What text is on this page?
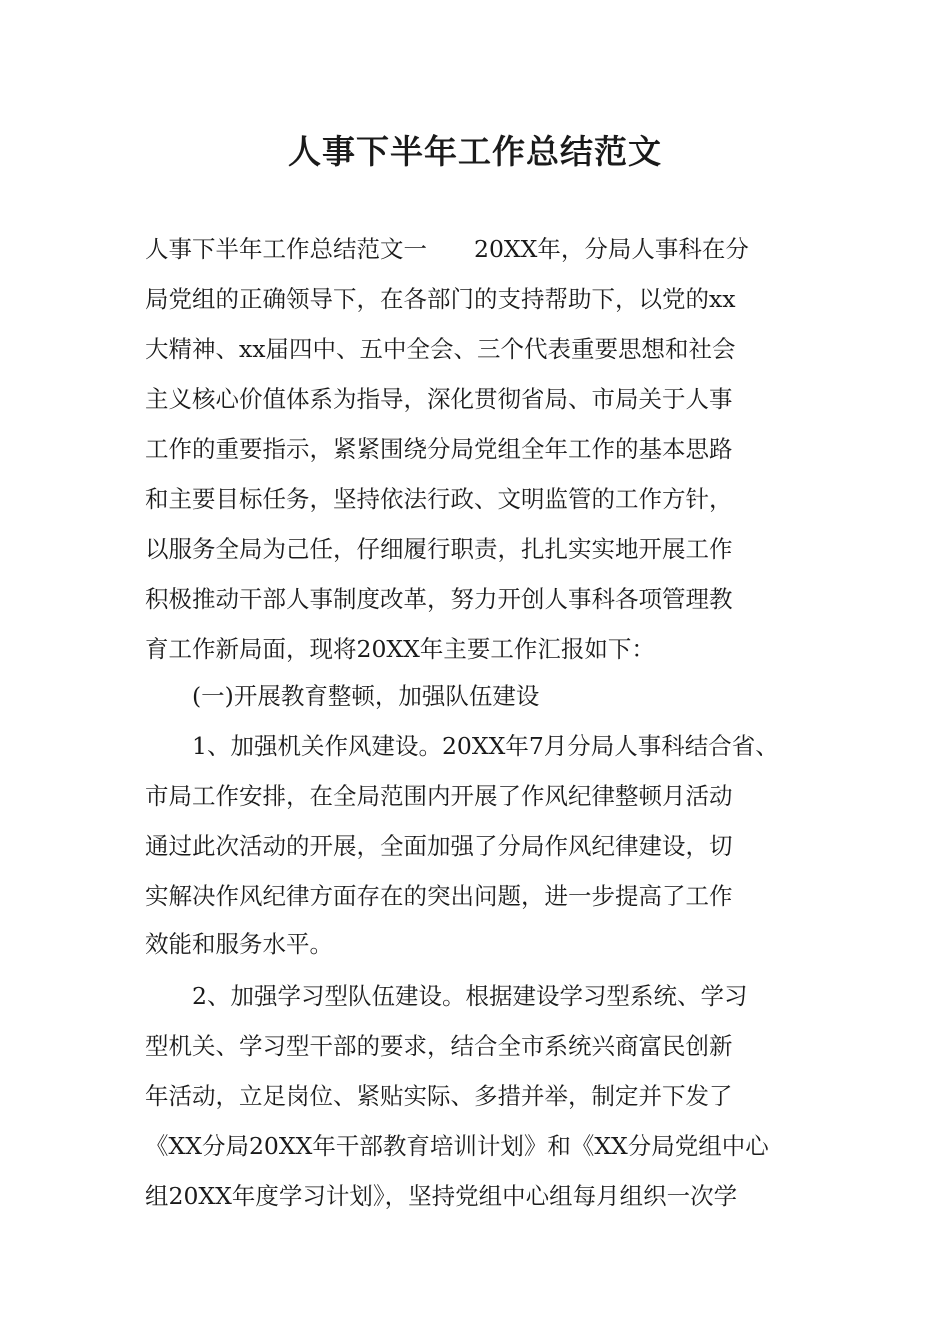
人事下半年工作总结范文

人事下半年工作总结范文一　　20XX年，分局人事科在分

局党组的正确领导下，在各部门的支持帮助下，以党的xx

大精神、xx届四中、五中全会、三个代表重要思想和社会

主义核心价值体系为指导，深化贯彻省局、市局关于人事

工作的重要指示，紧紧围绕分局党组全年工作的基本思路

和主要目标任务，坚持依法行政、文明监管的工作方针，

以服务全局为己任，仔细履行职责，扎扎实实地开展工作

积极推动干部人事制度改革，努力开创人事科各项管理教

育工作新局面，现将20XX年主要工作汇报如下：

　　(一)开展教育整顿，加强队伍建设

　　1、加强机关作风建设。20XX年7月分局人事科结合省、

市局工作安排，在全局范围内开展了作风纪律整顿月活动

通过此次活动的开展，全面加强了分局作风纪律建设，切

实解决作风纪律方面存在的突出问题，进一步提高了工作

效能和服务水平。

　　2、加强学习型队伍建设。根据建设学习型系统、学习

型机关、学习型干部的要求，结合全市系统兴商富民创新

年活动，立足岗位、紧贴实际、多措并举，制定并下发了

《XX分局20XX年干部教育培训计划》和《XX分局党组中心

组20XX年度学习计划》，坚持党组中心组每月组织一次学
